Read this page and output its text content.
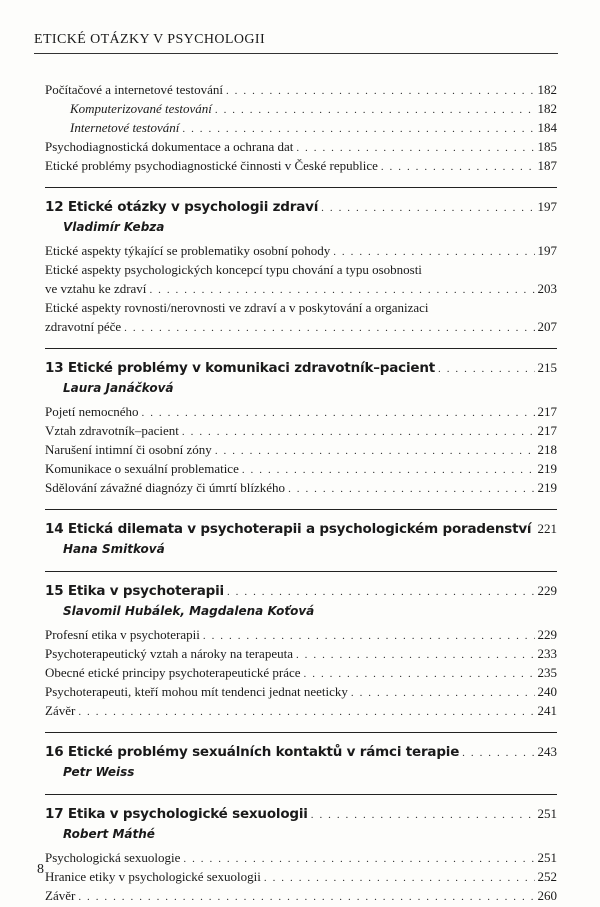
ETICKÉ OTÁZKY V PSYCHOLOGII
Počítačové a internetové testování . . .	182
Komputerizované testování . . .	182
Internetové testování . . .	184
Psychodiagnostická dokumentace a ochrana dat . . .	185
Etické problémy psychodiagnostické činnosti v České republice . . .	187
12 Etické otázky v psychologii zdraví . . .	197
Vladimír Kebza
Etické aspekty týkající se problematiky osobní pohody . . .	197
Etické aspekty psychologických koncepcí typu chování a typu osobnosti
ve vztahu ke zdraví . . .	203
Etické aspekty rovnosti/nerovnosti ve zdraví a v poskytování a organizaci
zdravotní péče . . .	207
13 Etické problémy v komunikaci zdravotník–pacient . . .	215
Laura Janáčková
Pojetí nemocného . . .	217
Vztah zdravotník–pacient . . .	217
Narušení intimní či osobní zóny . . .	218
Komunikace o sexuální problematice . . .	219
Sdělování závažné diagnózy či úmrtí blízkého . . .	219
14 Etická dilemata v psychoterapii a psychologickém poradenství . . . 221
Hana Smitková
15 Etika v psychoterapii . . .	229
Slavomil Hubálek, Magdalena Koťová
Profesní etika v psychoterapii . . .	229
Psychoterapeutický vztah a nároky na terapeuta . . .	233
Obecné etické principy psychoterapeutické práce . . .	235
Psychoterapeuti, kteří mohou mít tendenci jednat neeticky . . .	240
Závěr . . .	241
16 Etické problémy sexuálních kontaktů v rámci terapie . . .	243
Petr Weiss
17 Etika v psychologické sexuologii . . .	251
Robert Máthé
Psychologická sexuologie . . .	251
Hranice etiky v psychologické sexuologii . . .	252
Závěr . . .	260
8
